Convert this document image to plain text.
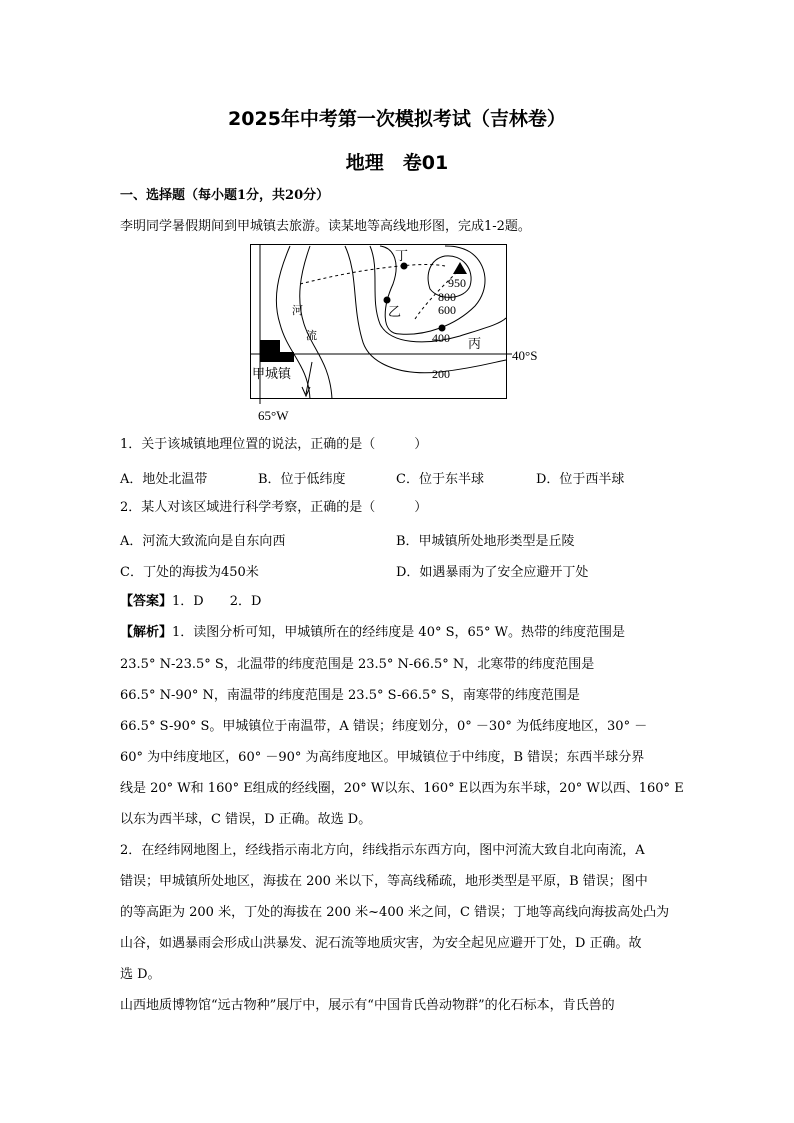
2025年中考第一次模拟考试（吉林卷）
地理　卷01
一、选择题（每小题1分，共20分）
李明同学暑假期间到甲城镇去旅游。读某地等高线地形图，完成1-2题。
丁
乙
丙
河
流
甲城镇
40°S
65°W
950
800
600
400
200
1．关于该城镇地理位置的说法，正确的是（　　　）
A．地处北温带	B．位于低纬度	C．位于东半球	D．位于西半球
2．某人对该区域进行科学考察，正确的是（　　　）
A．河流大致流向是自东向西	B．甲城镇所处地形类型是丘陵
C．丁处的海拔为450米	D．如遇暴雨为了安全应避开丁处
【答案】1．D　　2．D
【解析】1．读图分析可知，甲城镇所在的经纬度是 40° S，65° W。热带的纬度范围是
23.5° N-23.5° S，北温带的纬度范围是 23.5° N-66.5° N，北寒带的纬度范围是
66.5° N-90° N，南温带的纬度范围是 23.5° S-66.5° S，南寒带的纬度范围是
66.5° S-90° S。甲城镇位于南温带，A 错误；纬度划分，0° －30° 为低纬度地区，30° －
60° 为中纬度地区，60° －90° 为高纬度地区。甲城镇位于中纬度，B 错误；东西半球分界
线是 20° W和 160° E组成的经线圈，20° W以东、160° E以西为东半球，20° W以西、160° E
以东为西半球，C 错误，D 正确。故选 D。
2．在经纬网地图上，经线指示南北方向，纬线指示东西方向，图中河流大致自北向南流，A
错误；甲城镇所处地区，海拔在 200 米以下，等高线稀疏，地形类型是平原，B 错误；图中
的等高距为 200 米，丁处的海拔在 200 米~400 米之间，C 错误；丁地等高线向海拔高处凸为
山谷，如遇暴雨会形成山洪暴发、泥石流等地质灾害，为安全起见应避开丁处，D 正确。故
选 D。
山西地质博物馆“远古物种”展厅中，展示有“中国肯氏兽动物群”的化石标本，肯氏兽的
